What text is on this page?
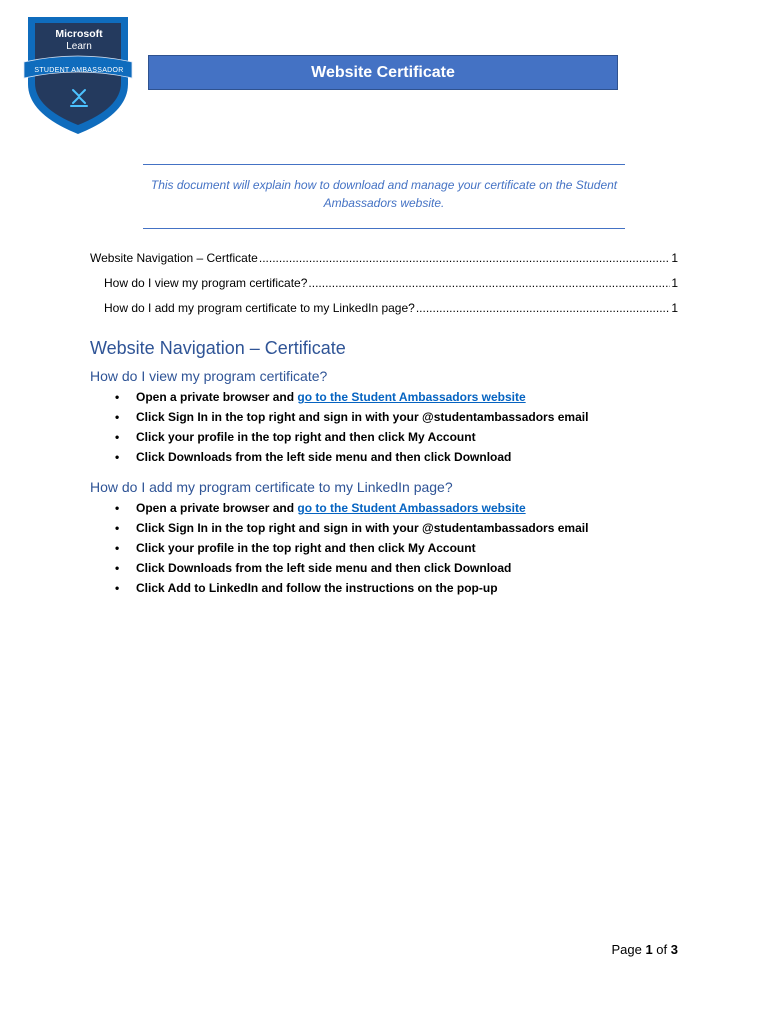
Microsoft
Learn
STUDENT AMBASSADOR	Website Certificate
This document will explain how to download and manage your certificate on the Student Ambassadors website.
Website Navigation – Certficate .....	1
How do I view my program certificate? .....	1
How do I add my program certificate to my LinkedIn page? .....	1
Website Navigation – Certificate
How do I view my program certificate?
• Open a private browser and go to the Student Ambassadors website
• Click Sign In in the top right and sign in with your @studentambassadors email
• Click your profile in the top right and then click My Account
• Click Downloads from the left side menu and then click Download
How do I add my program certificate to my LinkedIn page?
• Open a private browser and go to the Student Ambassadors website
• Click Sign In in the top right and sign in with your @studentambassadors email
• Click your profile in the top right and then click My Account
• Click Downloads from the left side menu and then click Download
• Click Add to LinkedIn and follow the instructions on the pop-up
Page 1 of 3
